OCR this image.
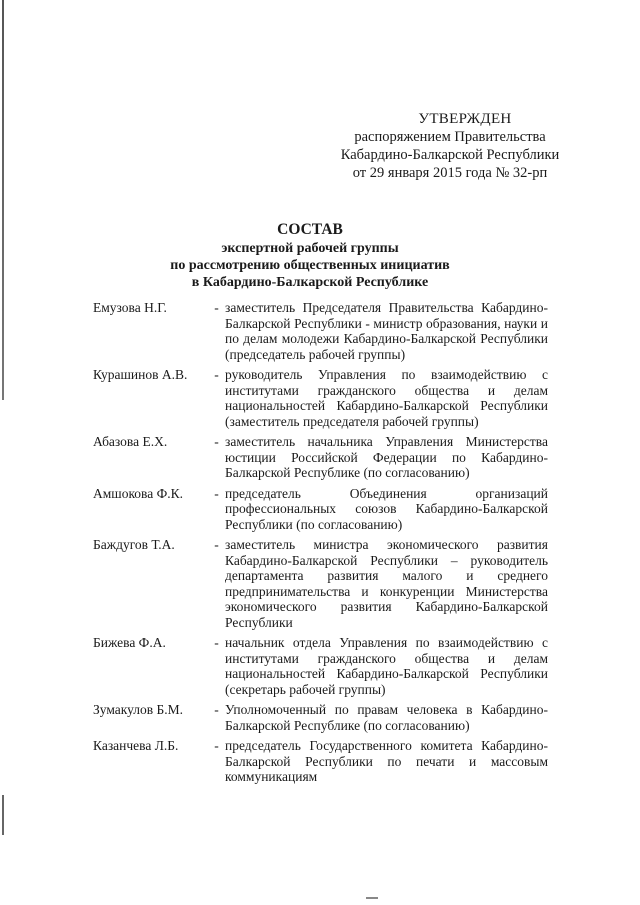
УТВЕРЖДЕН
распоряжением Правительства
Кабардино-Балкарской Республики
от 29 января 2015 года № 32-рп
СОСТАВ
экспертной рабочей группы
по рассмотрению общественных инициатив
в Кабардино-Балкарской Республике
Емузова Н.Г.	- заместитель Председателя Правительства Кабардино-Балкарской Республики - министр образования, науки и по делам молодежи Кабардино-Балкарской Республики (председатель рабочей группы)
Курашинов А.В.	- руководитель Управления по взаимодействию с институтами гражданского общества и делам национальностей Кабардино-Балкарской Республики (заместитель председателя рабочей группы)
Абазова Е.Х.	- заместитель начальника Управления Министерства юстиции Российской Федерации по Кабардино-Балкарской Республике (по согласованию)
Амшокова Ф.К.	- председатель Объединения организаций профессиональных союзов Кабардино-Балкарской Республики (по согласованию)
Баждугов Т.А.	- заместитель министра экономического развития Кабардино-Балкарской Республики – руководитель департамента развития малого и среднего предпринимательства и конкуренции Министерства экономического развития Кабардино-Балкарской Республики
Бижева Ф.А.	- начальник отдела Управления по взаимодействию с институтами гражданского общества и делам национальностей Кабардино-Балкарской Республики (секретарь рабочей группы)
Зумакулов Б.М.	- Уполномоченный по правам человека в Кабардино-Балкарской Республике (по согласованию)
Казанчева Л.Б.	- председатель Государственного комитета Кабардино-Балкарской Республики по печати и массовым коммуникациям
